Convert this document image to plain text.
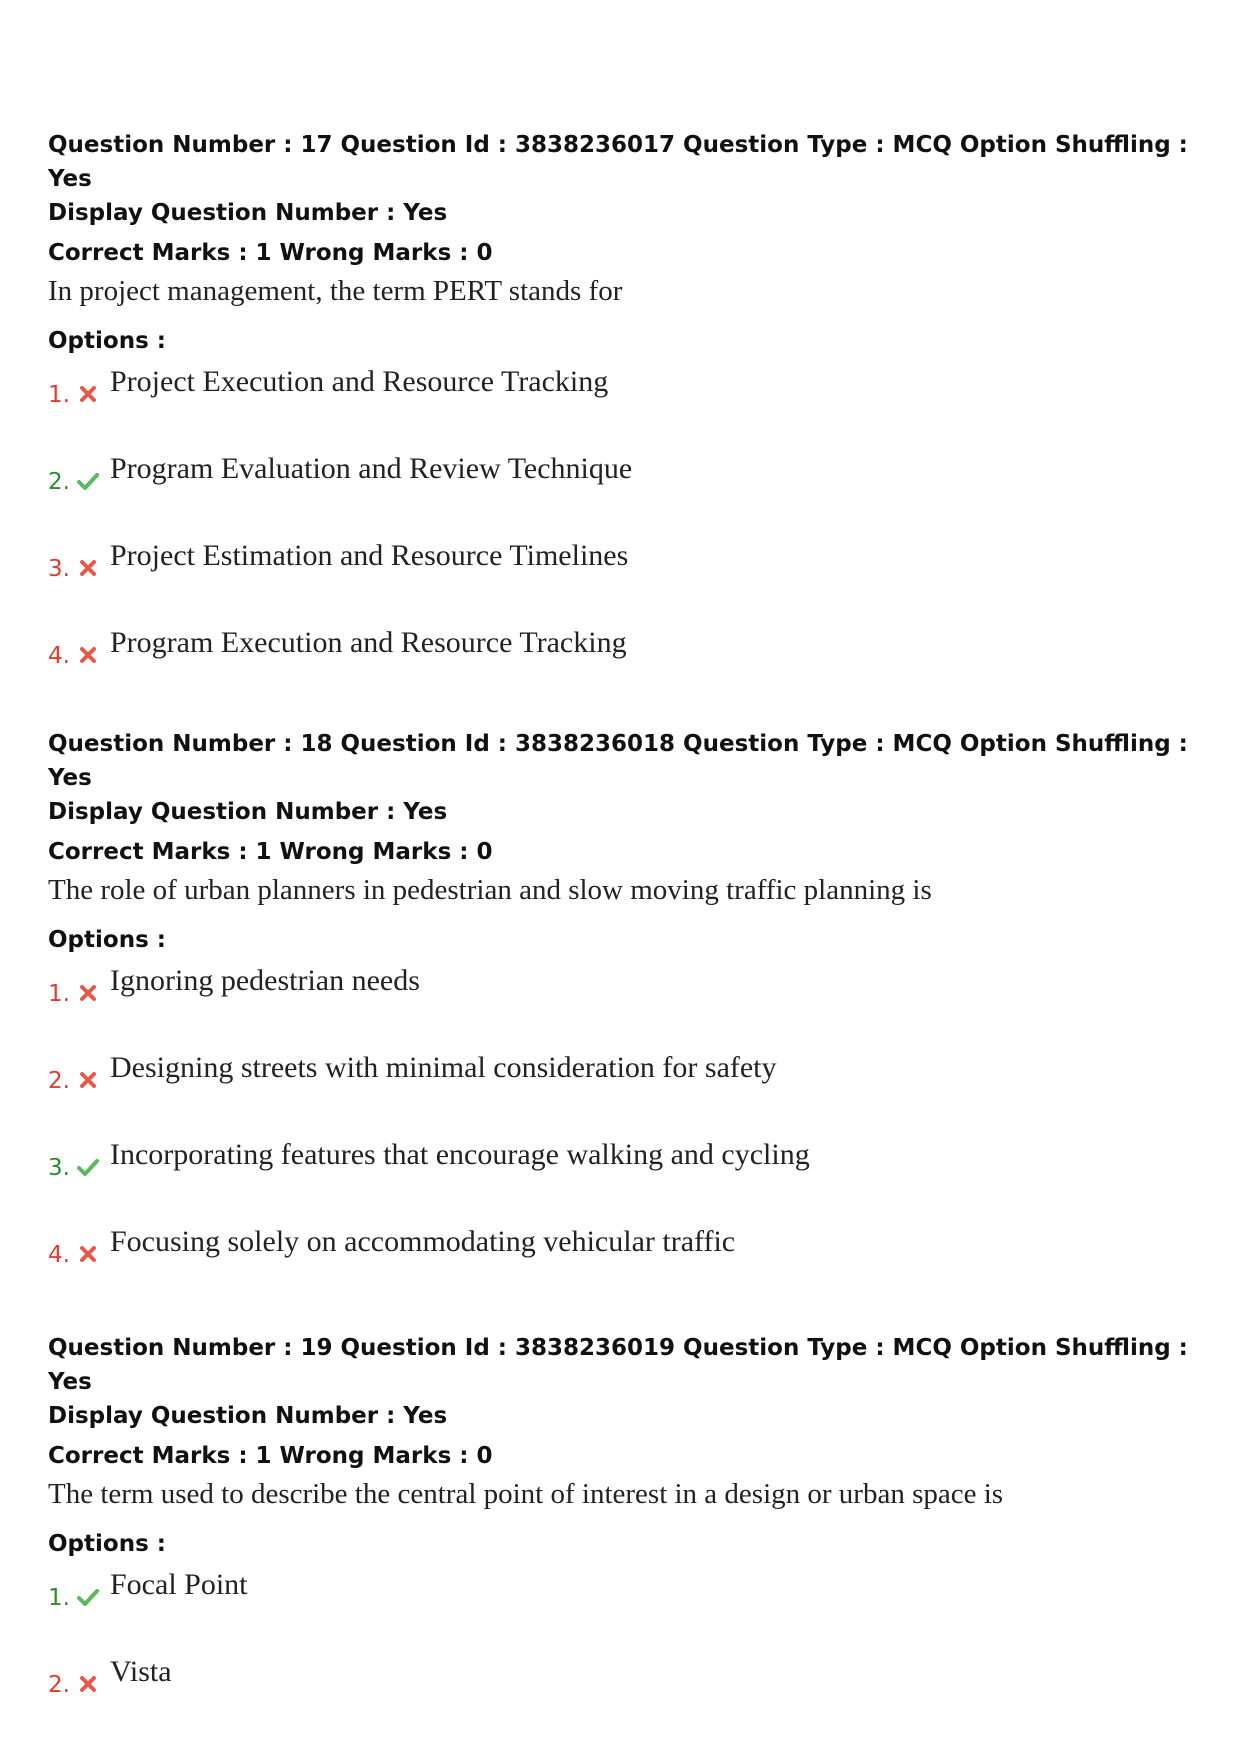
Question Number : 17 Question Id : 3838236017 Question Type : MCQ Option Shuffling : Yes
Display Question Number : Yes
Correct Marks : 1 Wrong Marks : 0
In project management, the term PERT stands for
Options :
1. Project Execution and Resource Tracking
2. Program Evaluation and Review Technique
3. Project Estimation and Resource Timelines
4. Program Execution and Resource Tracking
Question Number : 18 Question Id : 3838236018 Question Type : MCQ Option Shuffling : Yes
Display Question Number : Yes
Correct Marks : 1 Wrong Marks : 0
The role of urban planners in pedestrian and slow moving traffic planning is
Options :
1. Ignoring pedestrian needs
2. Designing streets with minimal consideration for safety
3. Incorporating features that encourage walking and cycling
4. Focusing solely on accommodating vehicular traffic
Question Number : 19 Question Id : 3838236019 Question Type : MCQ Option Shuffling : Yes
Display Question Number : Yes
Correct Marks : 1 Wrong Marks : 0
The term used to describe the central point of interest in a design or urban space is
Options :
1. Focal Point
2. Vista
